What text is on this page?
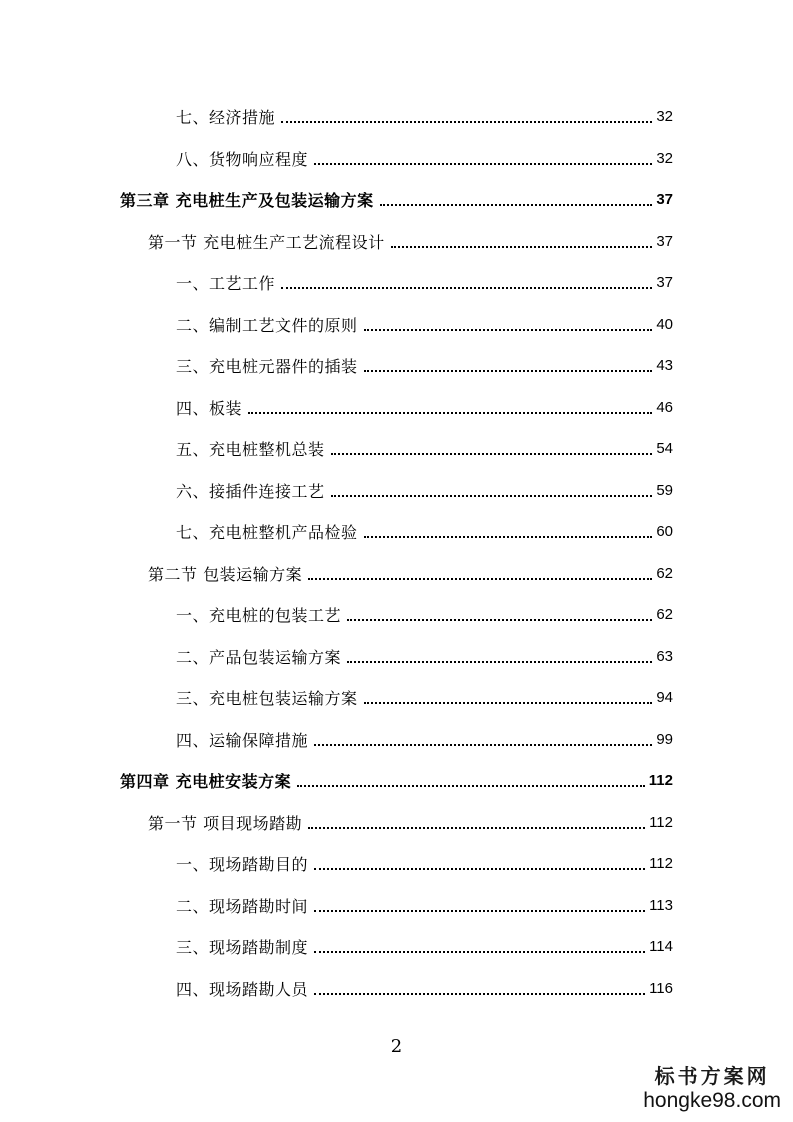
七、经济措施	32
八、货物响应程度	32
第三章 充电桩生产及包装运输方案	37
第一节 充电桩生产工艺流程设计	37
一、工艺工作	37
二、编制工艺文件的原则	40
三、充电桩元器件的插装	43
四、板装	46
五、充电桩整机总装	54
六、接插件连接工艺	59
七、充电桩整机产品检验	60
第二节 包装运输方案	62
一、充电桩的包装工艺	62
二、产品包装运输方案	63
三、充电桩包装运输方案	94
四、运输保障措施	99
第四章 充电桩安装方案	112
第一节 项目现场踏勘	112
一、现场踏勘目的	112
二、现场踏勘时间	113
三、现场踏勘制度	114
四、现场踏勘人员	116
2
标书方案网
hongke98.com
